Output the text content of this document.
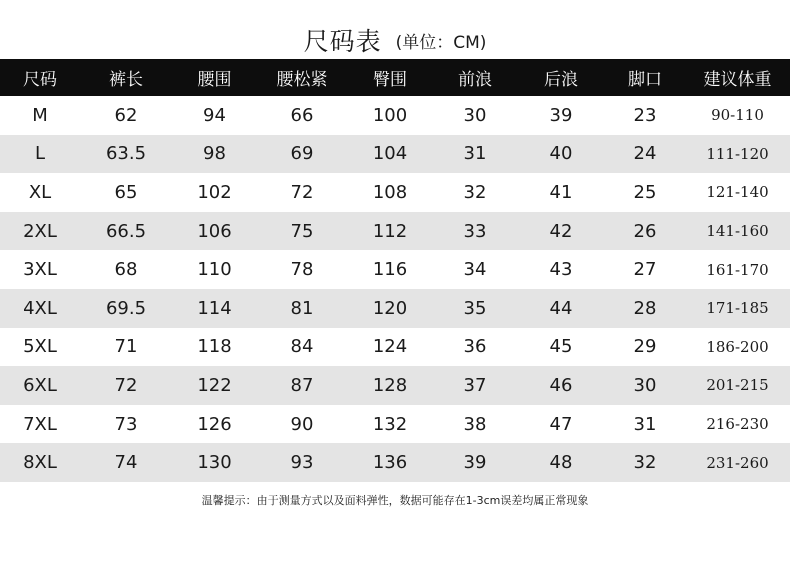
尺码表 (单位：CM)
尺码	裤长	腰围	腰松紧	臀围	前浪	后浪	脚口	建议体重
M	62	94	66	100	30	39	23	90-110
L	63.5	98	69	104	31	40	24	111-120
XL	65	102	72	108	32	41	25	121-140
2XL	66.5	106	75	112	33	42	26	141-160
3XL	68	110	78	116	34	43	27	161-170
4XL	69.5	114	81	120	35	44	28	171-185
5XL	71	118	84	124	36	45	29	186-200
6XL	72	122	87	128	37	46	30	201-215
7XL	73	126	90	132	38	47	31	216-230
8XL	74	130	93	136	39	48	32	231-260
温馨提示：由于测量方式以及面料弹性，数据可能存在1-3cm误差均属正常现象
